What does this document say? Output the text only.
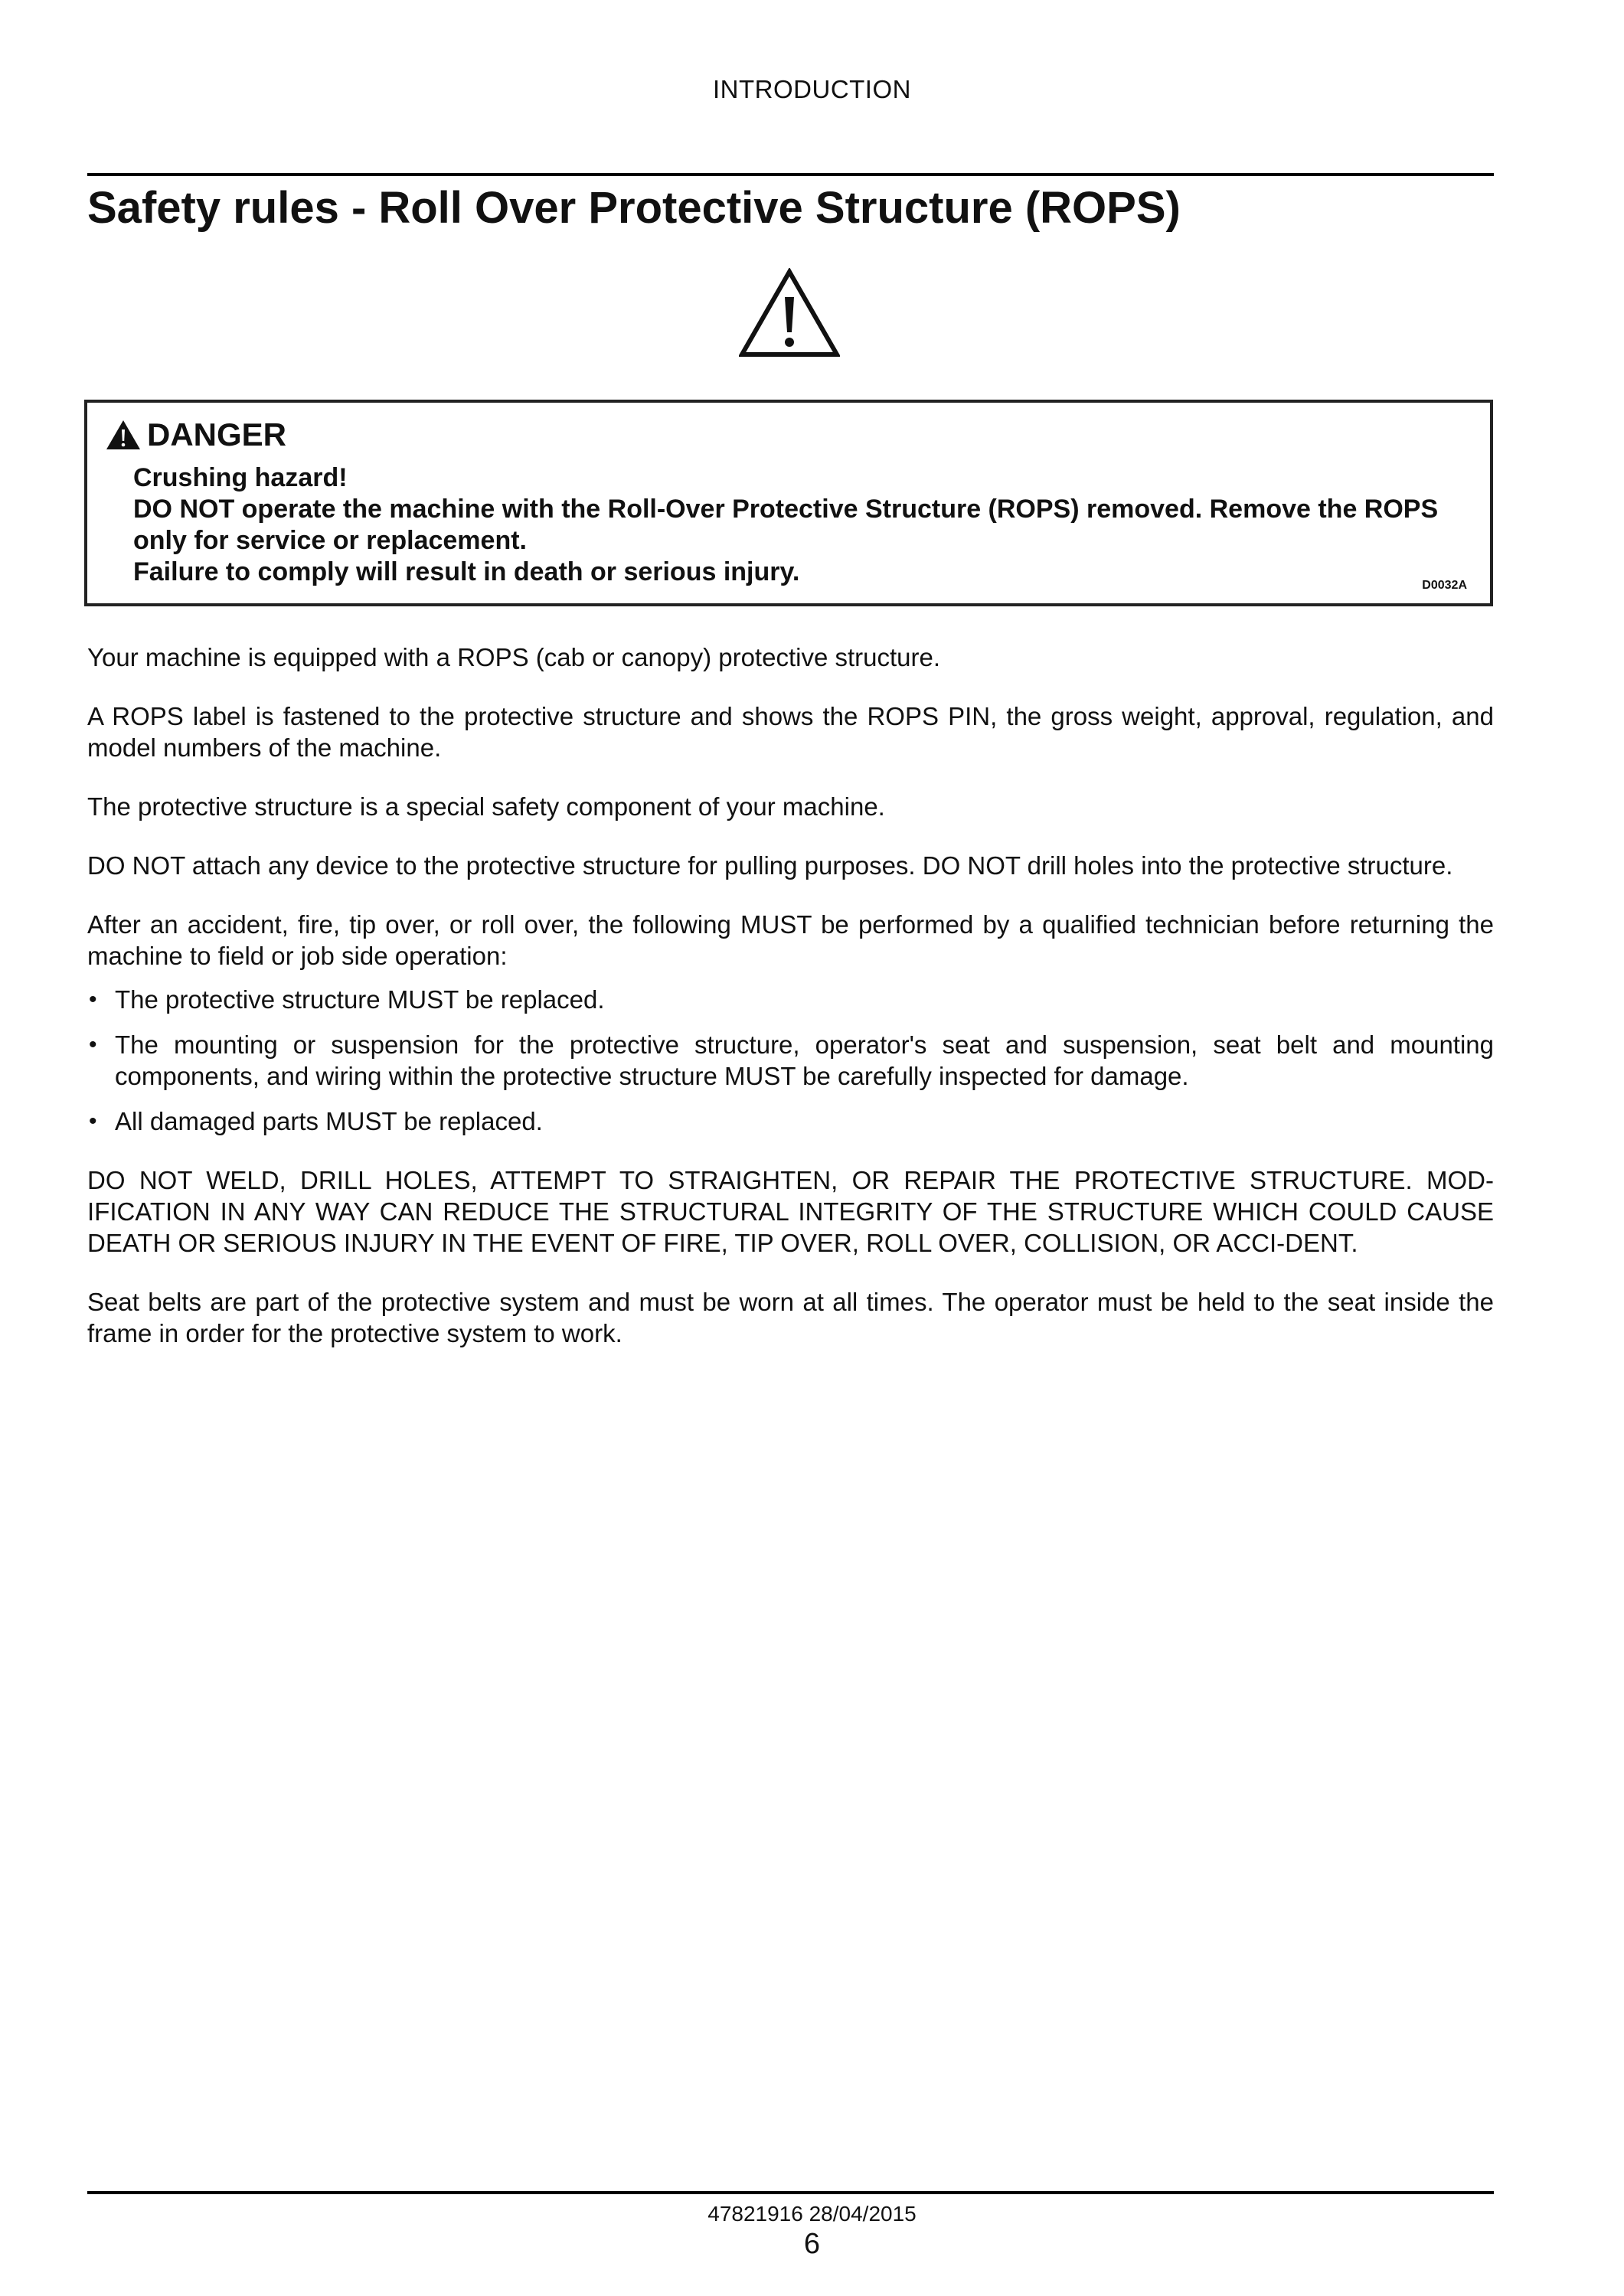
INTRODUCTION
Safety rules - Roll Over Protective Structure (ROPS)
DANGER

Crushing hazard!

DO NOT operate the machine with the Roll-Over Protective Structure (ROPS) removed. Remove the ROPS only for service or replacement.

Failure to comply will result in death or serious injury.	D0032A

Your machine is equipped with a ROPS (cab or canopy) protective structure.

A ROPS label is fastened to the protective structure and shows the ROPS PIN, the gross weight, approval, regulation, and model numbers of the machine.

The protective structure is a special safety component of your machine.

DO NOT attach any device to the protective structure for pulling purposes. DO NOT drill holes into the protective structure.

After an accident, fire, tip over, or roll over, the following MUST be performed by a qualified technician before returning the machine to field or job side operation:

• The protective structure MUST be replaced.
• The mounting or suspension for the protective structure, operator's seat and suspension, seat belt and mounting components, and wiring within the protective structure MUST be carefully inspected for damage.
• All damaged parts MUST be replaced.

DO NOT WELD, DRILL HOLES, ATTEMPT TO STRAIGHTEN, OR REPAIR THE PROTECTIVE STRUCTURE. MOD-IFICATION IN ANY WAY CAN REDUCE THE STRUCTURAL INTEGRITY OF THE STRUCTURE WHICH COULD CAUSE DEATH OR SERIOUS INJURY IN THE EVENT OF FIRE, TIP OVER, ROLL OVER, COLLISION, OR ACCI-DENT.

Seat belts are part of the protective system and must be worn at all times. The operator must be held to the seat inside the frame in order for the protective system to work.

47821916 28/04/2015
6
